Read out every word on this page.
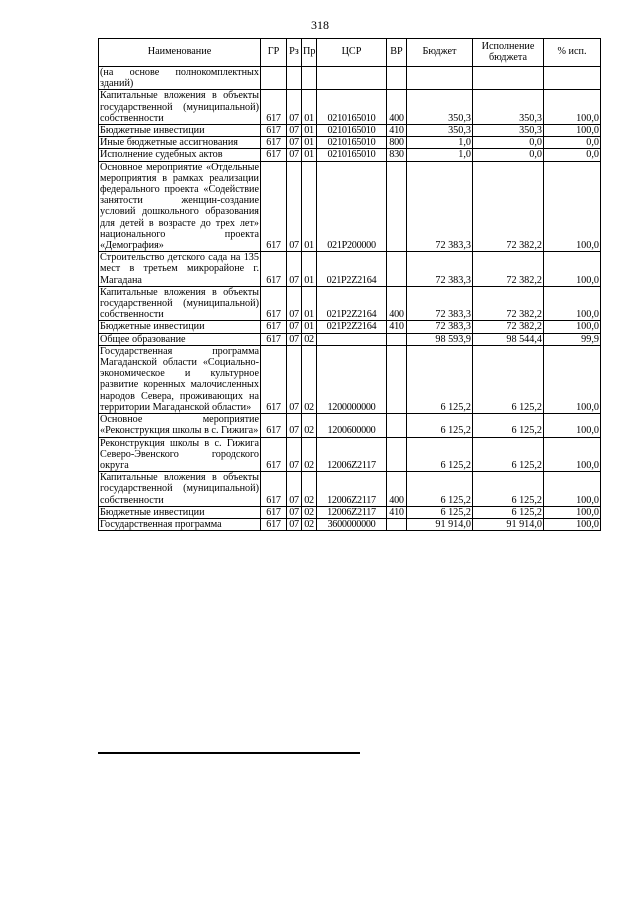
318
Наименование	ГР	Рз	Пр	ЦСР	ВР	Бюджет	Исполнение бюджета	% исп.
(на основе полнокомплектных зданий)								
Капитальные вложения в объекты государственной (муниципальной) собственности	617	07	01	0210165010	400	350,3	350,3	100,0
Бюджетные инвестиции	617	07	01	0210165010	410	350,3	350,3	100,0
Иные бюджетные ассигнования	617	07	01	0210165010	800	1,0	0,0	0,0
Исполнение судебных актов	617	07	01	0210165010	830	1,0	0,0	0,0
Основное мероприятие «Отдельные мероприятия в рамках реализации федерального проекта «Содействие занятости женщин-создание условий дошкольного образования для детей в возрасте до трех лет» национального проекта «Демография»	617	07	01	021P200000		72 383,3	72 382,2	100,0
Строительство детского сада на 135 мест в третьем микрорайоне г. Магадана	617	07	01	021P2Z2164		72 383,3	72 382,2	100,0
Капитальные вложения в объекты государственной (муниципальной) собственности	617	07	01	021P2Z2164	400	72 383,3	72 382,2	100,0
Бюджетные инвестиции	617	07	01	021P2Z2164	410	72 383,3	72 382,2	100,0
Общее образование	617	07	02			98 593,9	98 544,4	99,9
Государственная программа Магаданской области «Социально-экономическое и культурное развитие коренных малочисленных народов Севера, проживающих на территории Магаданской области»	617	07	02	1200000000		6 125,2	6 125,2	100,0
Основное мероприятие «Реконструкция школы в с. Гижига»	617	07	02	1200600000		6 125,2	6 125,2	100,0
Реконструкция школы в с. Гижига Северо-Эвенского городского округа	617	07	02	12006Z2117		6 125,2	6 125,2	100,0
Капитальные вложения в объекты государственной (муниципальной) собственности	617	07	02	12006Z2117	400	6 125,2	6 125,2	100,0
Бюджетные инвестиции	617	07	02	12006Z2117	410	6 125,2	6 125,2	100,0
Государственная программа	617	07	02	3600000000		91 914,0	91 914,0	100,0
